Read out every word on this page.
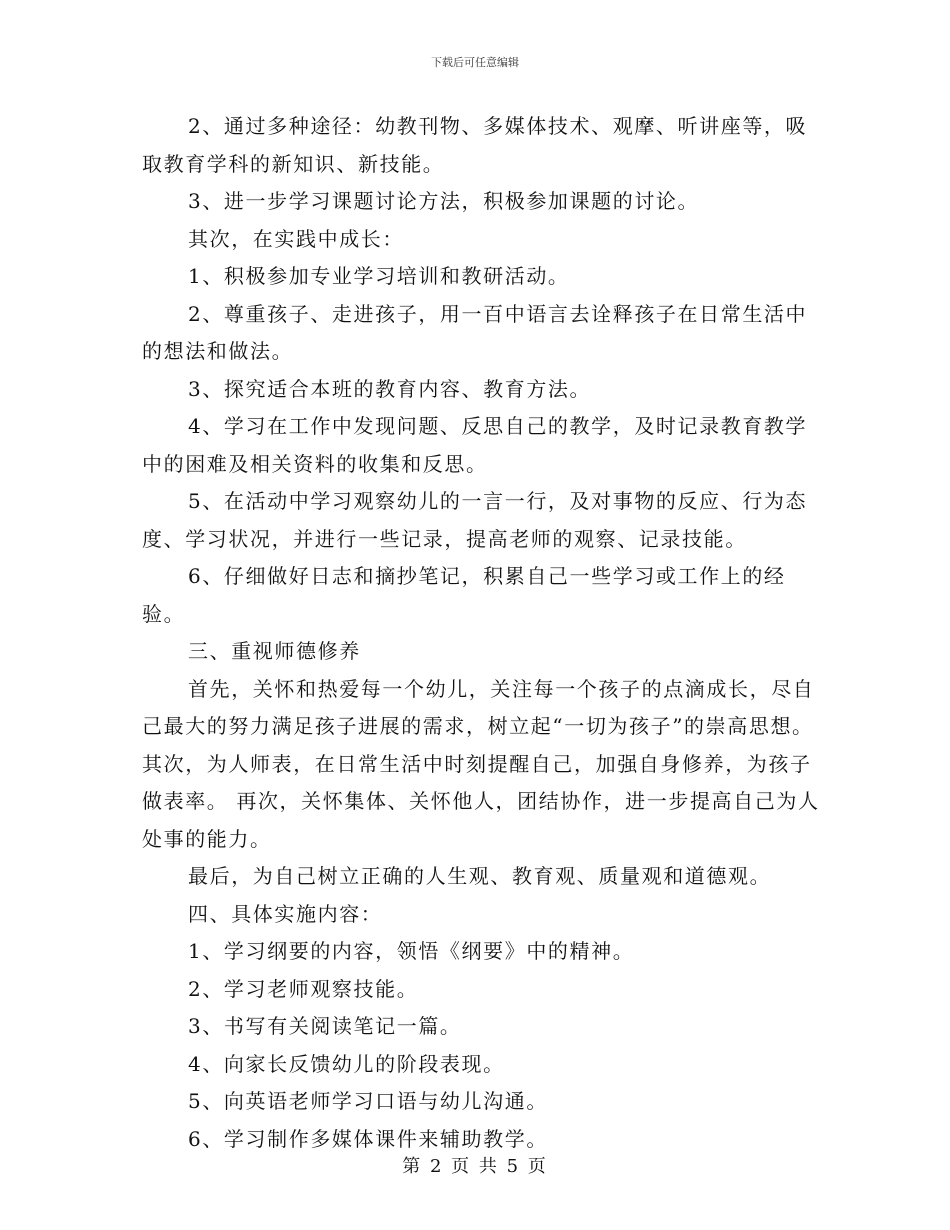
下载后可任意编辑

2、通过多种途径：幼教刊物、多媒体技术、观摩、听讲座等，吸取教育学科的新知识、新技能。

3、进一步学习课题讨论方法，积极参加课题的讨论。

其次，在实践中成长：

1、积极参加专业学习培训和教研活动。

2、尊重孩子、走进孩子，用一百中语言去诠释孩子在日常生活中的想法和做法。

3、探究适合本班的教育内容、教育方法。

4、学习在工作中发现问题、反思自己的教学，及时记录教育教学中的困难及相关资料的收集和反思。

5、在活动中学习观察幼儿的一言一行，及对事物的反应、行为态度、学习状况，并进行一些记录，提高老师的观察、记录技能。

6、仔细做好日志和摘抄笔记，积累自己一些学习或工作上的经验。

三、重视师德修养

首先，关怀和热爱每一个幼儿，关注每一个孩子的点滴成长，尽自己最大的努力满足孩子进展的需求，树立起“一切为孩子”的崇高思想。 其次，为人师表，在日常生活中时刻提醒自己，加强自身修养，为孩子做表率。 再次，关怀集体、关怀他人，团结协作，进一步提高自己为人处事的能力。

最后，为自己树立正确的人生观、教育观、质量观和道德观。

四、具体实施内容：

1、学习纲要的内容，领悟《纲要》中的精神。

2、学习老师观察技能。

3、书写有关阅读笔记一篇。

4、向家长反馈幼儿的阶段表现。

5、向英语老师学习口语与幼儿沟通。

6、学习制作多媒体课件来辅助教学。

第 2 页 共 5 页
